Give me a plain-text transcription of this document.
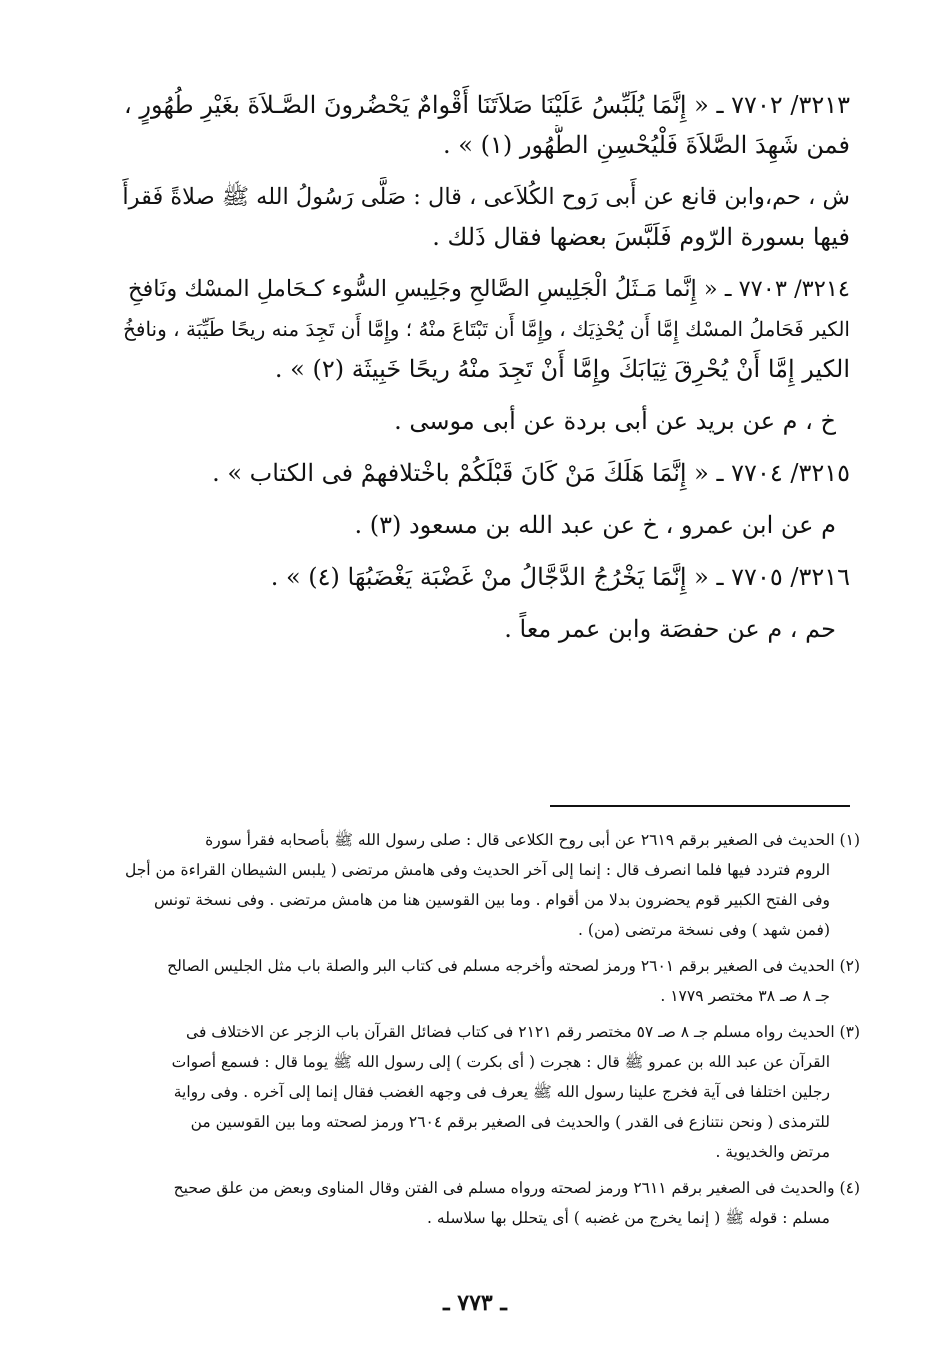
٣٢١٣/ ٧٧٠٢ ـ « إِنَّمَا يُلَبِّسُ عَلَيْنَا صَلاَتَنَا أَقْوامٌ يَحْضُرونَ الصَّـلاَةَ بغَيْرِ طُهُورٍ ،
فمن شَهِدَ الصَّلاَةَ فَلْيُحْسِنِ الطُّهُور (١) » .

ش ، حم،وابن قانع عن أَبى رَوح الكُلاَعى ، قال : صَلَّى رَسُولُ الله ﷺ صلاةً فَقرأَ
فيها بسورة الرّوم فَلَبَّسَ بعضها فقال ذَلك .

٣٢١٤/ ٧٧٠٣ ـ « إِنَّما مَـثَلُ الْجَلِيسِ الصَّالحِ وجَلِيسِ السُّوء كـحَاملِ المسْك ونَافخِ
الكير فَحَاملُ المسْك إِمَّا أَن يُحْذِيَك ، وإِمَّا أَن تَبْتَاعَ منْهُ ؛ وإِمَّا أَن تَجِدَ منه ريحًا طَيِّبَة ، ونافخُ
الكير إِمَّا أَنْ يُحْرِقَ ثِيَابَكَ وإِمَّا أَنْ تَجِدَ منْهُ ريحًا خَبِيثَة (٢) » .

خ ، م عن بريد عن أبى بردة عن أبى موسى .

٣٢١٥/ ٧٧٠٤ ـ « إِنَّمَا هَلَكَ مَنْ كَانَ قَبْلَكُمْ باخْتلافهمْ فى الكتاب » .

م عن ابن عمرو ، خ عن عبد الله بن مسعود (٣) .

٣٢١٦/ ٧٧٠٥ ـ « إِنَّمَا يَخْرُجُ الدَّجَّالُ منْ غَضْبَة يَغْضَبُهَا (٤) » .

حم ، م عن حفصَة وابن عمر معاً .

(١) الحديث فى الصغير برقم ٢٦١٩ عن أبى روح الكلاعى قال : صلى رسول الله ﷺ بأصحابه فقرأ سورة
الروم فتردد فيها فلما انصرف قال : إنما إلى آخر الحديث وفى هامش مرتضى ( يلبس الشيطان القراءة من أجل
وفى الفتح الكبير قوم يحضرون بدلا من أقوام . وما بين القوسين هنا من هامش مرتضى . وفى نسخة تونس
(فمن شهد ) وفى نسخة مرتضى (من) .

(٢) الحديث فى الصغير برقم ٢٦٠١ ورمز لصحته وأخرجه مسلم فى كتاب البر والصلة باب مثل الجليس الصالح
جـ ٨ صـ ٣٨ مختصر ١٧٧٩ .

(٣) الحديث رواه مسلم جـ ٨ صـ ٥٧ مختصر رقم ٢١٢١ فى كتاب فضائل القرآن باب الزجر عن الاختلاف فى
القرآن عن عبد الله بن عمرو ﷺ قال : هجرت ( أى بكرت ) إلى رسول الله ﷺ يوما قال : فسمع أصوات
رجلين اختلفا فى آية فخرج علينا رسول الله ﷺ يعرف فى وجهه الغضب فقال إنما إلى آخره . وفى رواية
للترمذى ( ونحن نتنازع فى القدر ) والحديث فى الصغير برقم ٢٦٠٤ ورمز لصحته وما بين القوسين من
مرتض والخديوية .

(٤) والحديث فى الصغير برقم ٢٦١١ ورمز لصحته ورواه مسلم فى الفتن وقال المناوى وبعض من علق صحيح
مسلم : قوله ﷺ ( إنما يخرج من غضبه ) أى يتحلل بها سلاسله .

ـ ٧٧٣ ـ
